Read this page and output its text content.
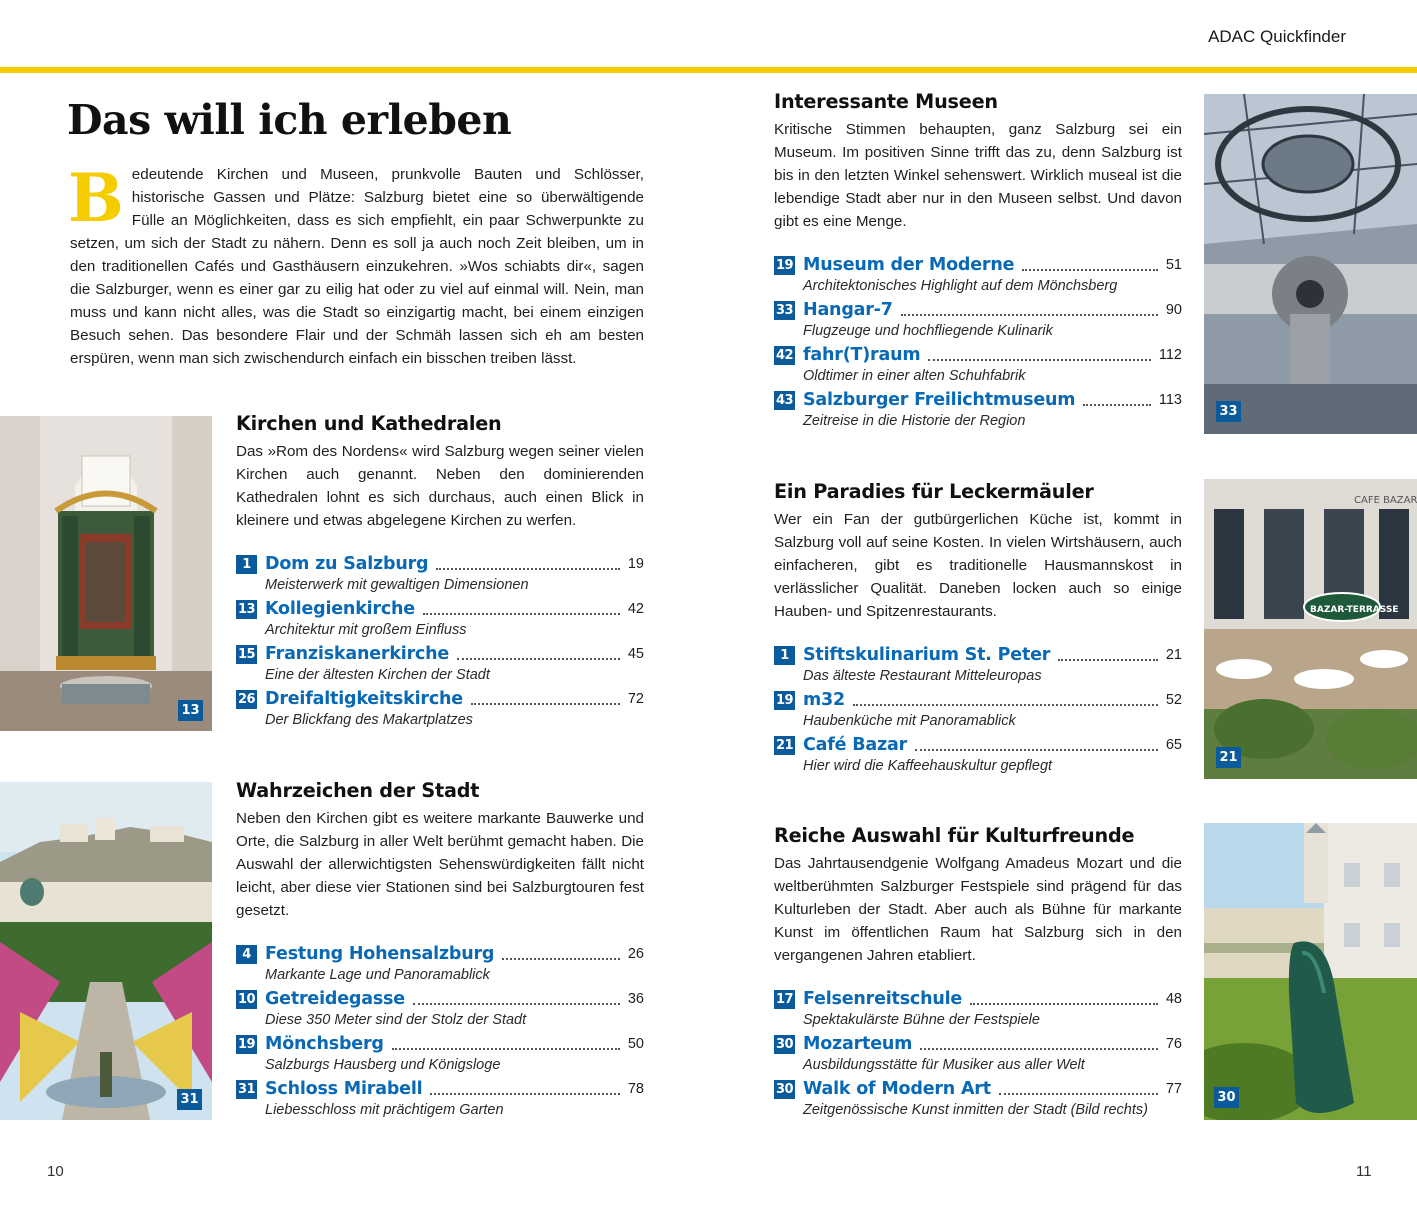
ADAC Quickfinder
Das will ich erleben
Bedeutende Kirchen und Museen, prunkvolle Bauten und Schlösser, historische Gassen und Plätze: Salzburg bietet eine so überwältigende Fülle an Möglichkeiten, dass es sich empfiehlt, ein paar Schwerpunkte zu setzen, um sich der Stadt zu nähern. Denn es soll ja auch noch Zeit bleiben, um in den traditionellen Cafés und Gasthäusern einzukehren. »Wos schiabts dir«, sagen die Salzburger, wenn es einer gar zu eilig hat oder zu viel auf einmal will. Nein, man muss und kann nicht alles, was die Stadt so einzigartig macht, bei einem einzigen Besuch sehen. Das besondere Flair und der Schmäh lassen sich eh am besten erspüren, wenn man sich zwischendurch einfach ein bisschen treiben lässt.
13
31
33
CAFE BAZAR
BAZAR-TERRASSE
21
30
Kirchen und Kathedralen

Das »Rom des Nordens« wird Salzburg wegen seiner vielen Kirchen auch genannt. Neben den dominierenden Kathedralen lohnt es sich durchaus, auch einen Blick in kleinere und etwas abgelegene Kirchen zu werfen.

1 Dom zu Salzburg	19
Meisterwerk mit gewaltigen Dimensionen
13 Kollegienkirche	42
Architektur mit großem Einfluss
15 Franziskanerkirche	45
Eine der ältesten Kirchen der Stadt
26 Dreifaltigkeitskirche	72
Der Blickfang des Makartplatzes
Wahrzeichen der Stadt

Neben den Kirchen gibt es weitere markante Bauwerke und Orte, die Salzburg in aller Welt berühmt gemacht haben. Die Auswahl der allerwichtigsten Sehenswürdigkeiten fällt nicht leicht, aber diese vier Stationen sind bei Salzburgtouren fest gesetzt.

4 Festung Hohensalzburg	26
Markante Lage und Panoramablick
10 Getreidegasse	36
Diese 350 Meter sind der Stolz der Stadt
19 Mönchsberg	50
Salzburgs Hausberg und Königsloge
31 Schloss Mirabell	78
Liebesschloss mit prächtigem Garten
Interessante Museen

Kritische Stimmen behaupten, ganz Salzburg sei ein Museum. Im positiven Sinne trifft das zu, denn Salzburg ist bis in den letzten Winkel sehenswert. Wirklich museal ist die lebendige Stadt aber nur in den Museen selbst. Und davon gibt es eine Menge.

19 Museum der Moderne	51
Architektonisches Highlight auf dem Mönchsberg
33 Hangar-7	90
Flugzeuge und hochfliegende Kulinarik
42 fahr(T)raum	112
Oldtimer in einer alten Schuhfabrik
43 Salzburger Freilichtmuseum	113
Zeitreise in die Historie der Region
Ein Paradies für Leckermäuler

Wer ein Fan der gutbürgerlichen Küche ist, kommt in Salzburg voll auf seine Kosten. In vielen Wirtshäusern, auch einfacheren, gibt es traditionelle Hausmannskost in verlässlicher Qualität. Daneben locken auch so einige Hauben- und Spitzenrestaurants.

1 Stiftskulinarium St. Peter	21
Das älteste Restaurant Mitteleuropas
19 m32	52
Haubenküche mit Panoramablick
21 Café Bazar	65
Hier wird die Kaffeehauskultur gepflegt
Reiche Auswahl für Kulturfreunde

Das Jahrtausendgenie Wolfgang Amadeus Mozart und die weltberühmten Salzburger Festspiele sind prägend für das Kulturleben der Stadt. Aber auch als Bühne für markante Kunst im öffentlichen Raum hat Salzburg sich in den vergangenen Jahren etabliert.

17 Felsenreitschule	48
Spektakulärste Bühne der Festspiele
30 Mozarteum	76
Ausbildungsstätte für Musiker aus aller Welt
30 Walk of Modern Art	77
Zeitgenössische Kunst inmitten der Stadt (Bild rechts)
10	11
